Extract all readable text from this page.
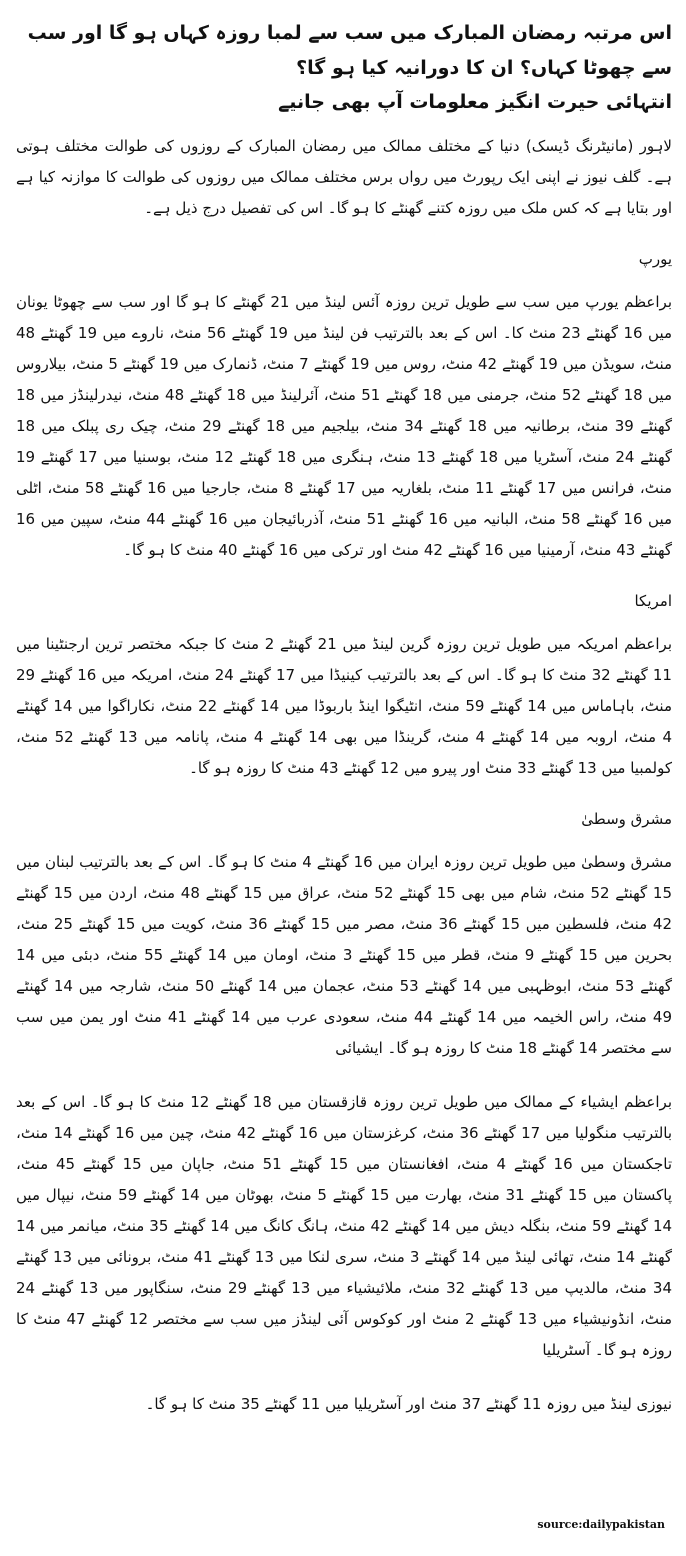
اس مرتبہ رمضان المبارک میں سب سے لمبا روزہ کہاں ہو گا اور سب سے چھوٹا کہاں؟ ان کا دورانیہ کیا ہو گا؟
انتہائی حیرت انگیز معلومات آپ بھی جانیے

لاہور (مانیٹرنگ ڈیسک) دنیا کے مختلف ممالک میں رمضان المبارک کے روزوں کی طوالت مختلف ہوتی ہے۔ گلف نیوز نے اپنی ایک رپورٹ میں رواں برس مختلف ممالک میں روزوں کی طوالت کا موازنہ کیا ہے اور بتایا ہے کہ کس ملک میں روزہ کتنے گھنٹے کا ہو گا۔ اس کی تفصیل درج ذیل ہے۔

یورپ

براعظم یورپ میں سب سے طویل ترین روزہ آئس لینڈ میں 21 گھنٹے کا ہو گا اور سب سے چھوٹا یونان میں 16 گھنٹے 23 منٹ کا۔ اس کے بعد بالترتیب فن لینڈ میں 19 گھنٹے 56 منٹ، ناروے میں 19 گھنٹے 48 منٹ، سویڈن میں 19 گھنٹے 42 منٹ، روس میں 19 گھنٹے 7 منٹ، ڈنمارک میں 19 گھنٹے 5 منٹ، بیلاروس میں 18 گھنٹے 52 منٹ، جرمنی میں 18 گھنٹے 51 منٹ، آئرلینڈ میں 18 گھنٹے 48 منٹ، نیدرلینڈز میں 18 گھنٹے 39 منٹ، برطانیہ میں 18 گھنٹے 34 منٹ، بیلجیم میں 18 گھنٹے 29 منٹ، چیک ری پبلک میں 18 گھنٹے 24 منٹ، آسٹریا میں 18 گھنٹے 13 منٹ، ہنگری میں 18 گھنٹے 12 منٹ، بوسنیا میں 17 گھنٹے 19 منٹ، فرانس میں 17 گھنٹے 11 منٹ، بلغاریہ میں 17 گھنٹے 8 منٹ، جارجیا میں 16 گھنٹے 58 منٹ، اٹلی میں 16 گھنٹے 58 منٹ، البانیہ میں 16 گھنٹے 51 منٹ، آذربائیجان میں 16 گھنٹے 44 منٹ، سپین میں 16 گھنٹے 43 منٹ، آرمینیا میں 16 گھنٹے 42 منٹ اور ترکی میں 16 گھنٹے 40 منٹ کا ہو گا۔

امریکا

براعظم امریکہ میں طویل ترین روزہ گرین لینڈ میں 21 گھنٹے 2 منٹ کا جبکہ مختصر ترین ارجنٹینا میں 11 گھنٹے 32 منٹ کا ہو گا۔ اس کے بعد بالترتیب کینیڈا میں 17 گھنٹے 24 منٹ، امریکہ میں 16 گھنٹے 29 منٹ، باہاماس میں 14 گھنٹے 59 منٹ، انٹیگوا اینڈ باربوڈا میں 14 گھنٹے 22 منٹ، نکاراگوا میں 14 گھنٹے 4 منٹ، اروبہ میں 14 گھنٹے 4 منٹ، گرینڈا میں بھی 14 گھنٹے 4 منٹ، پانامہ میں 13 گھنٹے 52 منٹ، کولمبیا میں 13 گھنٹے 33 منٹ اور پیرو میں 12 گھنٹے 43 منٹ کا روزہ ہو گا۔

مشرق وسطیٰ

مشرق وسطیٰ میں طویل ترین روزہ ایران میں 16 گھنٹے 4 منٹ کا ہو گا۔ اس کے بعد بالترتیب لبنان میں 15 گھنٹے 52 منٹ، شام میں بھی 15 گھنٹے 52 منٹ، عراق میں 15 گھنٹے 48 منٹ، اردن میں 15 گھنٹے 42 منٹ، فلسطین میں 15 گھنٹے 36 منٹ، مصر میں 15 گھنٹے 36 منٹ، کویت میں 15 گھنٹے 25 منٹ، بحرین میں 15 گھنٹے 9 منٹ، قطر میں 15 گھنٹے 3 منٹ، اومان میں 14 گھنٹے 55 منٹ، دبئی میں 14 گھنٹے 53 منٹ، ابوظہبی میں 14 گھنٹے 53 منٹ، عجمان میں 14 گھنٹے 50 منٹ، شارجہ میں 14 گھنٹے 49 منٹ، راس الخیمہ میں 14 گھنٹے 44 منٹ، سعودی عرب میں 14 گھنٹے 41 منٹ اور یمن میں سب سے مختصر 14 گھنٹے 18 منٹ کا روزہ ہو گا۔ ایشیائی

براعظم ایشیاء کے ممالک میں طویل ترین روزہ قازقستان میں 18 گھنٹے 12 منٹ کا ہو گا۔ اس کے بعد بالترتیب منگولیا میں 17 گھنٹے 36 منٹ، کرغزستان میں 16 گھنٹے 42 منٹ، چین میں 16 گھنٹے 14 منٹ، تاجکستان میں 16 گھنٹے 4 منٹ، افغانستان میں 15 گھنٹے 51 منٹ، جاپان میں 15 گھنٹے 45 منٹ، پاکستان میں 15 گھنٹے 31 منٹ، بھارت میں 15 گھنٹے 5 منٹ، بھوٹان میں 14 گھنٹے 59 منٹ، نیپال میں 14 گھنٹے 59 منٹ، بنگلہ دیش میں 14 گھنٹے 42 منٹ، ہانگ کانگ میں 14 گھنٹے 35 منٹ، میانمر میں 14 گھنٹے 14 منٹ، تھائی لینڈ میں 14 گھنٹے 3 منٹ، سری لنکا میں 13 گھنٹے 41 منٹ، برونائی میں 13 گھنٹے 34 منٹ، مالدیپ میں 13 گھنٹے 32 منٹ، ملائیشیاء میں 13 گھنٹے 29 منٹ، سنگاپور میں 13 گھنٹے 24 منٹ، انڈونیشیاء میں 13 گھنٹے 2 منٹ اور کوکوس آئی لینڈز میں سب سے مختصر 12 گھنٹے 47 منٹ کا روزہ ہو گا۔ آسٹریلیا

نیوزی لینڈ میں روزہ 11 گھنٹے 37 منٹ اور آسٹریلیا میں 11 گھنٹے 35 منٹ کا ہو گا۔

source:dailypakistan
